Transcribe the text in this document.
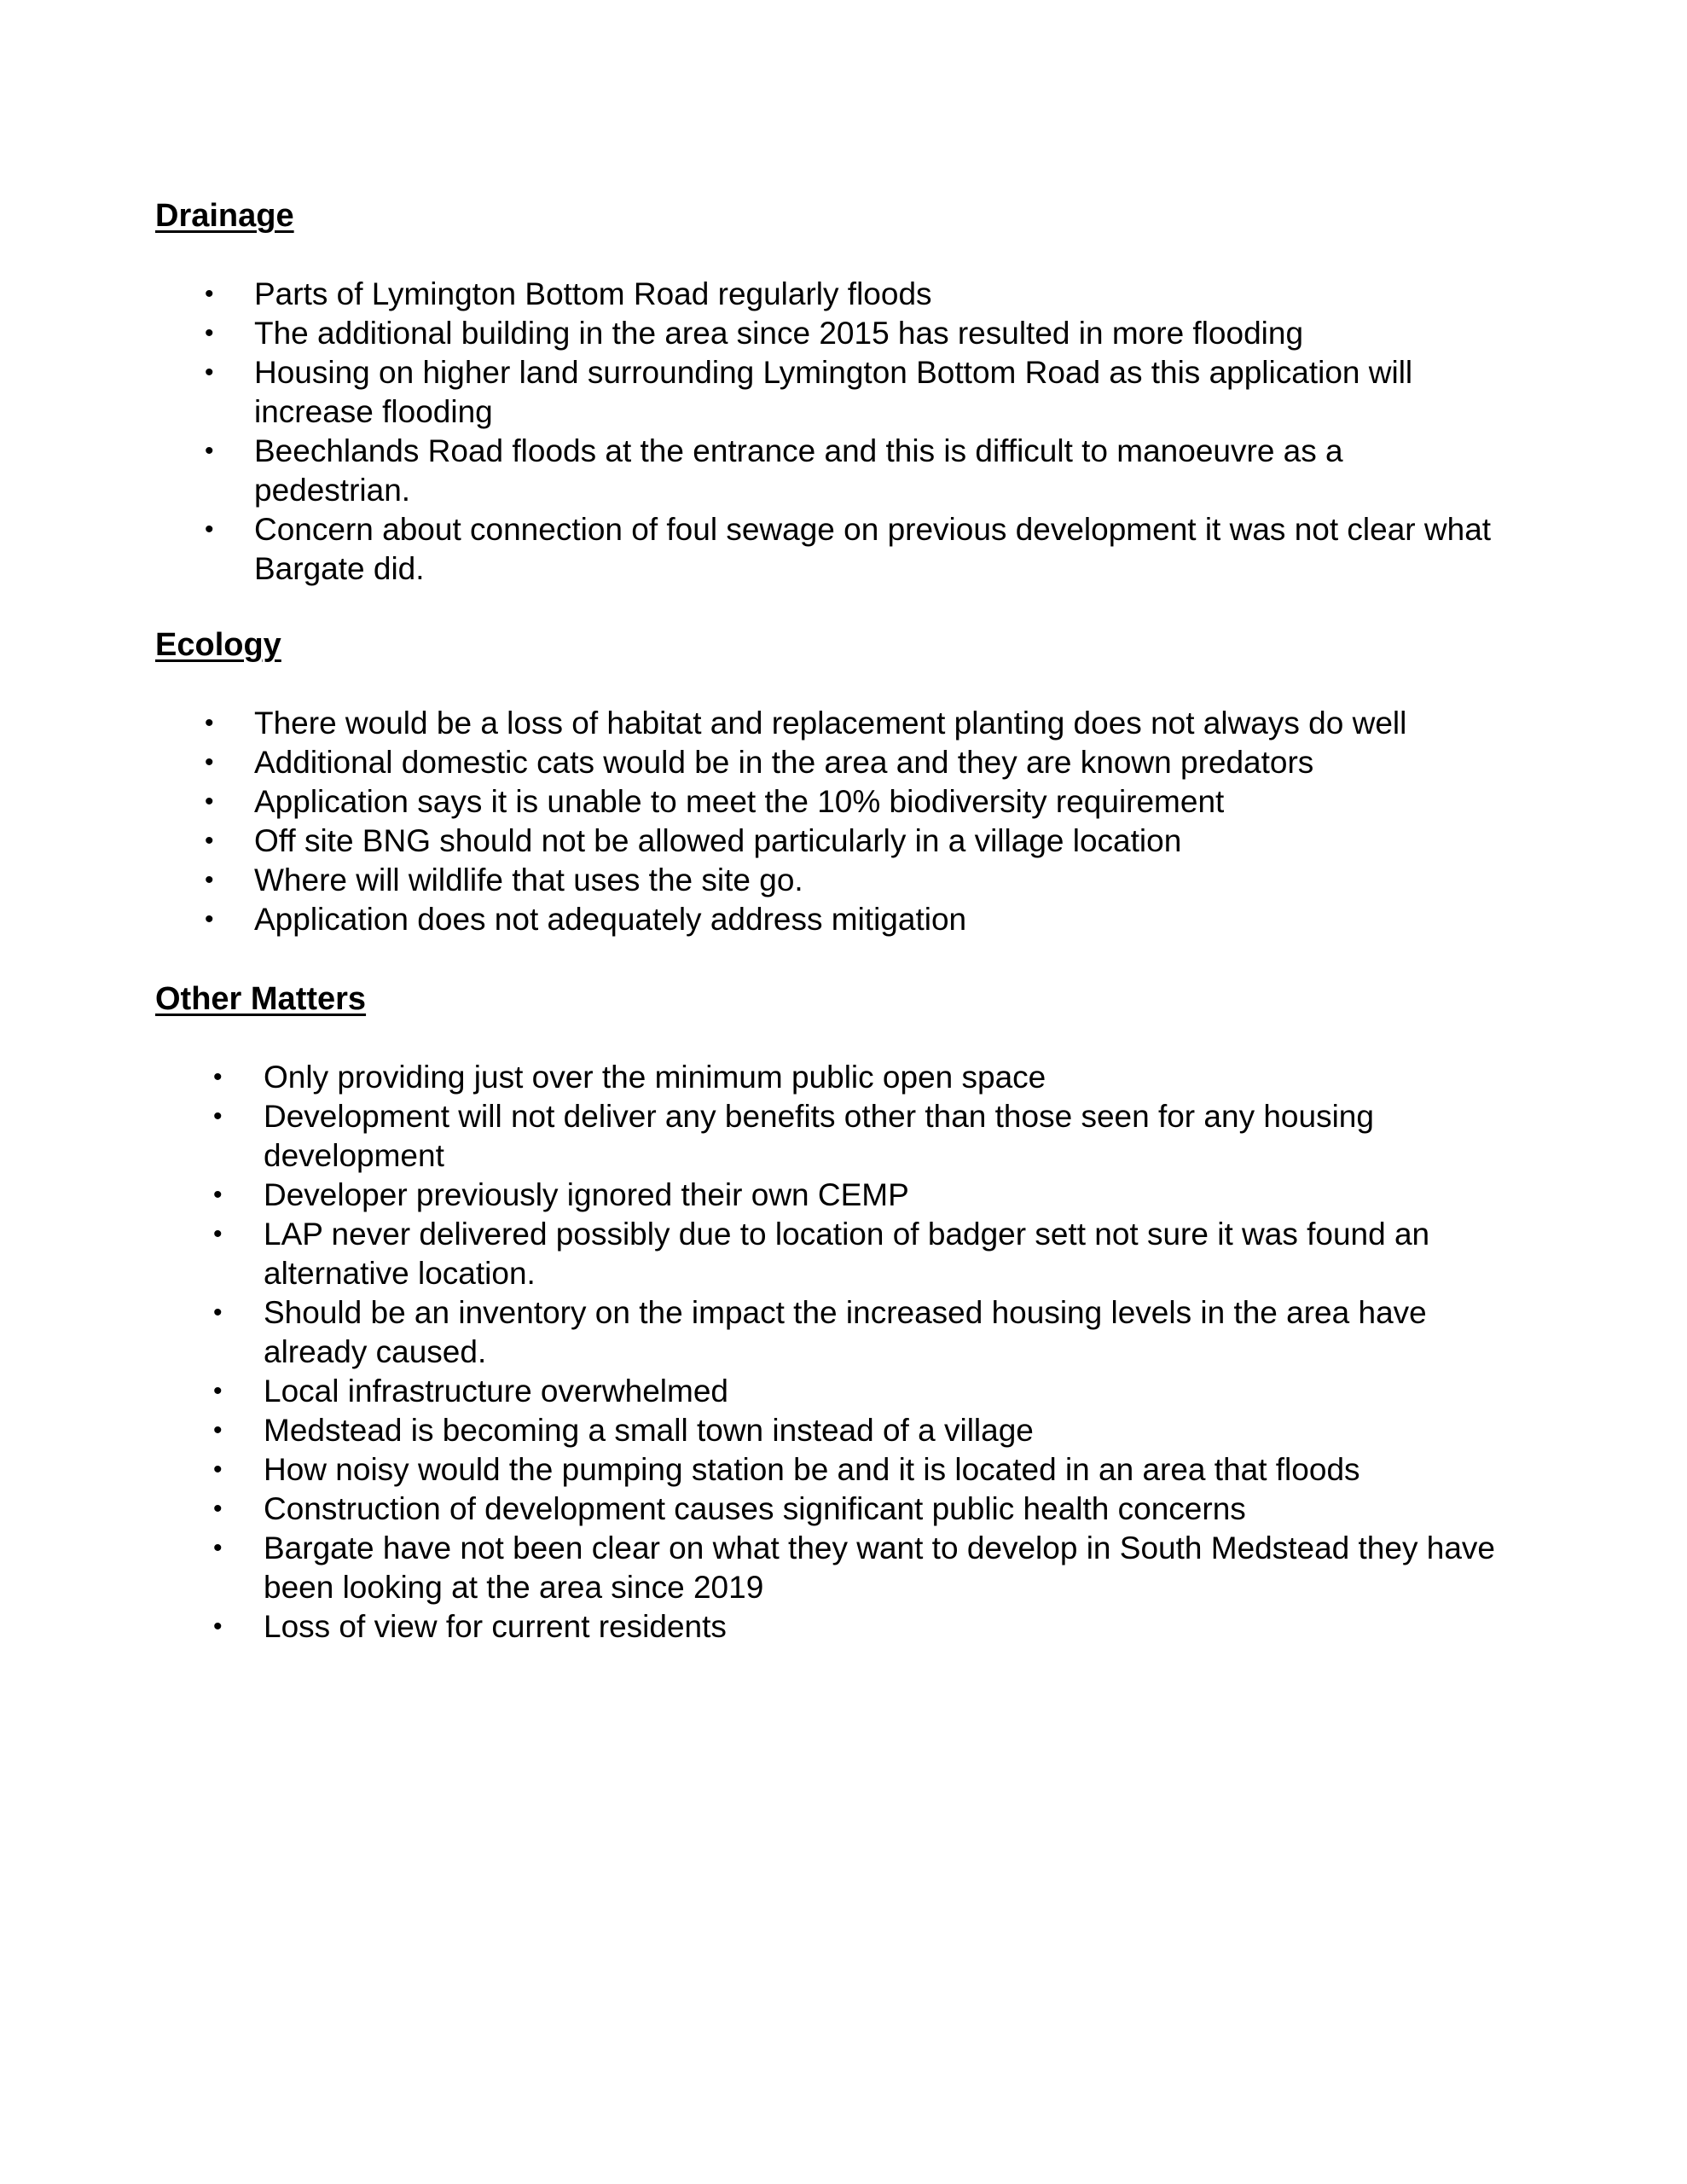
Drainage
• Parts of Lymington Bottom Road regularly floods
• The additional building in the area since 2015 has resulted in more flooding
• Housing on higher land surrounding Lymington Bottom Road as this application will increase flooding
• Beechlands Road floods at the entrance and this is difficult to manoeuvre as a pedestrian.
• Concern about connection of foul sewage on previous development it was not clear what Bargate did.
Ecology
• There would be a loss of habitat and replacement planting does not always do well
• Additional domestic cats would be in the area and they are known predators
• Application says it is unable to meet the 10% biodiversity requirement
• Off site BNG should not be allowed particularly in a village location
• Where will wildlife that uses the site go.
• Application does not adequately address mitigation
Other Matters
• Only providing just over the minimum public open space
• Development will not deliver any benefits other than those seen for any housing development
• Developer previously ignored their own CEMP
• LAP never delivered possibly due to location of badger sett not sure it was found an alternative location.
• Should be an inventory on the impact the increased housing levels in the area have already caused.
• Local infrastructure overwhelmed
• Medstead is becoming a small town instead of a village
• How noisy would the pumping station be and it is located in an area that floods
• Construction of development causes significant public health concerns
• Bargate have not been clear on what they want to develop in South Medstead they have been looking at the area since 2019
• Loss of view for current residents
